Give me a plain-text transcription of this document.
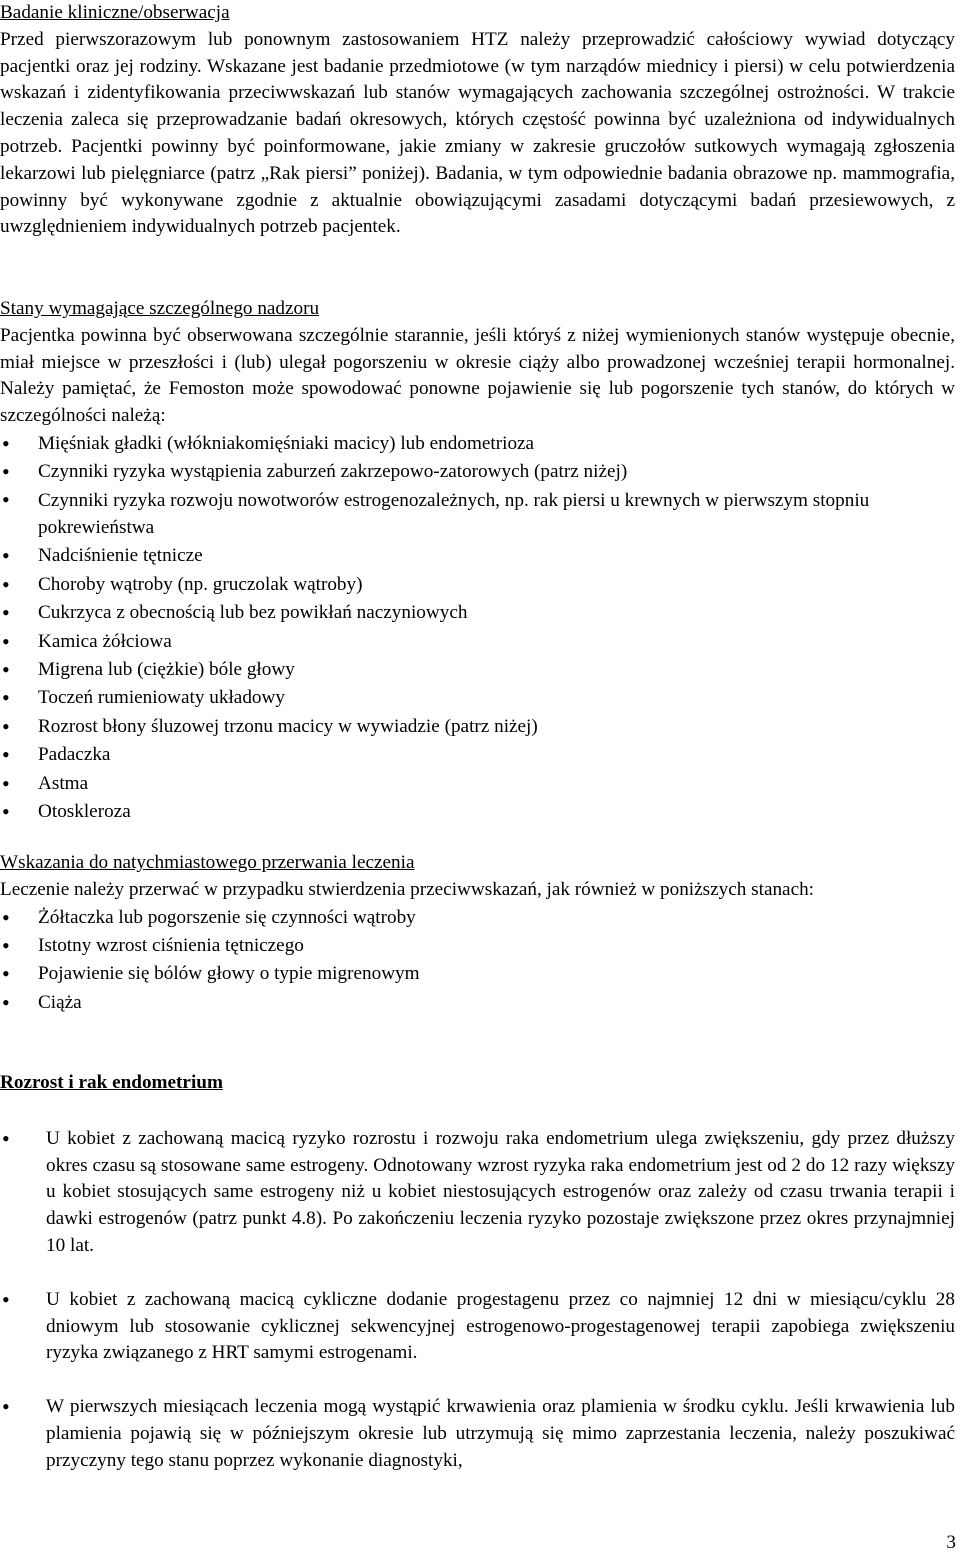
Badanie kliniczne/obserwacja

Przed pierwszorazowym lub ponownym zastosowaniem HTZ należy przeprowadzić całościowy wywiad dotyczący pacjentki oraz jej rodziny. Wskazane jest badanie przedmiotowe (w tym narządów miednicy i piersi) w celu potwierdzenia wskazań i zidentyfikowania przeciwwskazań lub stanów wymagających zachowania szczególnej ostrożności. W trakcie leczenia zaleca się przeprowadzanie badań okresowych, których częstość powinna być uzależniona od indywidualnych potrzeb. Pacjentki powinny być poinformowane, jakie zmiany w zakresie gruczołów sutkowych wymagają zgłoszenia lekarzowi lub pielęgniarce (patrz „Rak piersi” poniżej). Badania, w tym odpowiednie badania obrazowe np. mammografia, powinny być wykonywane zgodnie z aktualnie obowiązującymi zasadami dotyczącymi badań przesiewowych, z uwzględnieniem indywidualnych potrzeb pacjentek.

Stany wymagające szczególnego nadzoru

Pacjentka powinna być obserwowana szczególnie starannie, jeśli któryś z niżej wymienionych stanów występuje obecnie, miał miejsce w przeszłości i (lub) ulegał pogorszeniu w okresie ciąży albo prowadzonej wcześniej terapii hormonalnej. Należy pamiętać, że Femoston może spowodować ponowne pojawienie się lub pogorszenie tych stanów, do których w szczególności należą:

• Mięśniak gładki (włókniakomięśniaki macicy) lub endometrioza
• Czynniki ryzyka wystąpienia zaburzeń zakrzepowo-zatorowych (patrz niżej)
• Czynniki ryzyka rozwoju nowotworów estrogenozależnych, np. rak piersi u krewnych w pierwszym stopniu pokrewieństwa
• Nadciśnienie tętnicze
• Choroby wątroby (np. gruczolak wątroby)
• Cukrzyca z obecnością lub bez powikłań naczyniowych
• Kamica żółciowa
• Migrena lub (ciężkie) bóle głowy
• Toczeń rumieniowaty układowy
• Rozrost błony śluzowej trzonu macicy w wywiadzie (patrz niżej)
• Padaczka
• Astma
• Otoskleroza
Wskazania do natychmiastowego przerwania leczenia

Leczenie należy przerwać w przypadku stwierdzenia przeciwwskazań, jak również w poniższych stanach:

• Żółtaczka lub pogorszenie się czynności wątroby
• Istotny wzrost ciśnienia tętniczego
• Pojawienie się bólów głowy o typie migrenowym
• Ciąża
Rozrost i rak endometrium
• U kobiet z zachowaną macicą ryzyko rozrostu i rozwoju raka endometrium ulega zwiększeniu, gdy przez dłuższy okres czasu są stosowane same estrogeny. Odnotowany wzrost ryzyka raka endometrium jest od 2 do 12 razy większy u kobiet stosujących same estrogeny niż u kobiet niestosujących estrogenów oraz zależy od czasu trwania terapii i dawki estrogenów (patrz punkt 4.8). Po zakończeniu leczenia ryzyko pozostaje zwiększone przez okres przynajmniej 10 lat.
• U kobiet z zachowaną macicą cykliczne dodanie progestagenu przez co najmniej 12 dni w miesiącu/cyklu 28 dniowym lub stosowanie cyklicznej sekwencyjnej estrogenowo-progestagenowej terapii zapobiega zwiększeniu ryzyka związanego z HRT samymi estrogenami.
• W pierwszych miesiącach leczenia mogą wystąpić krwawienia oraz plamienia w środku cyklu. Jeśli krwawienia lub plamienia pojawią się w późniejszym okresie lub utrzymują się mimo zaprzestania leczenia, należy poszukiwać przyczyny tego stanu poprzez wykonanie diagnostyki,
3
